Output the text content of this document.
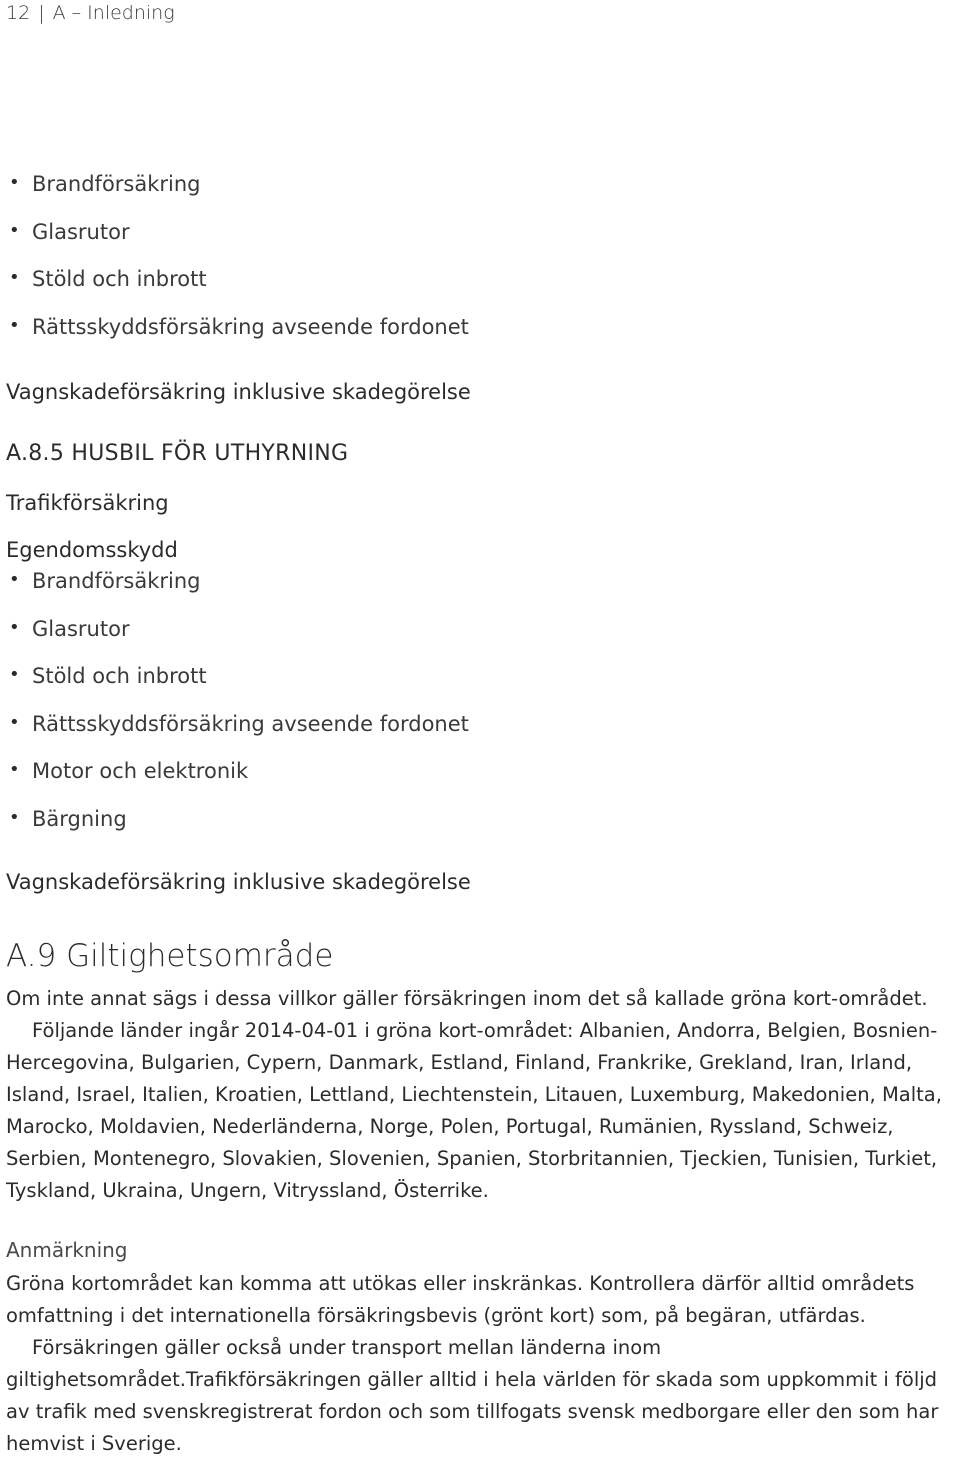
12 | A – Inledning
• Brandförsäkring
• Glasrutor
• Stöld och inbrott
• Rättsskyddsförsäkring avseende fordonet
Vagnskadeförsäkring inklusive skadegörelse
A.8.5 HUSBIL FÖR UTHYRNING
Trafikförsäkring
Egendomsskydd
• Brandförsäkring
• Glasrutor
• Stöld och inbrott
• Rättsskyddsförsäkring avseende fordonet
• Motor och elektronik
• Bärgning
Vagnskadeförsäkring inklusive skadegörelse
A.9 Giltighetsområde

Om inte annat sägs i dessa villkor gäller försäkringen inom det så kallade gröna kort-området.

Följande länder ingår 2014-04-01 i gröna kort-området: Albanien, Andorra, Belgien, Bosnien-Hercegovina, Bulgarien, Cypern, Danmark, Estland, Finland, Frankrike, Grekland, Iran, Irland, Island, Israel, Italien, Kroatien, Lettland, Liechtenstein, Litauen, Luxemburg, Makedonien, Malta, Marocko, Moldavien, Nederländerna, Norge, Polen, Portugal, Rumänien, Ryssland, Schweiz, Serbien, Montenegro, Slovakien, Slovenien, Spanien, Storbritannien, Tjeckien, Tunisien, Turkiet, Tyskland, Ukraina, Ungern, Vitryssland, Österrike.

Anmärkning

Gröna kortområdet kan komma att utökas eller inskränkas. Kontrollera därför alltid områdets omfattning i det internationella försäkringsbevis (grönt kort) som, på begäran, utfärdas.

Försäkringen gäller också under transport mellan länderna inom giltighetsområdet.Trafikförsäkringen gäller alltid i hela världen för skada som uppkommit i följd av trafik med svenskregistrerat fordon och som tillfogats svensk medborgare eller den som har hemvist i Sverige.
